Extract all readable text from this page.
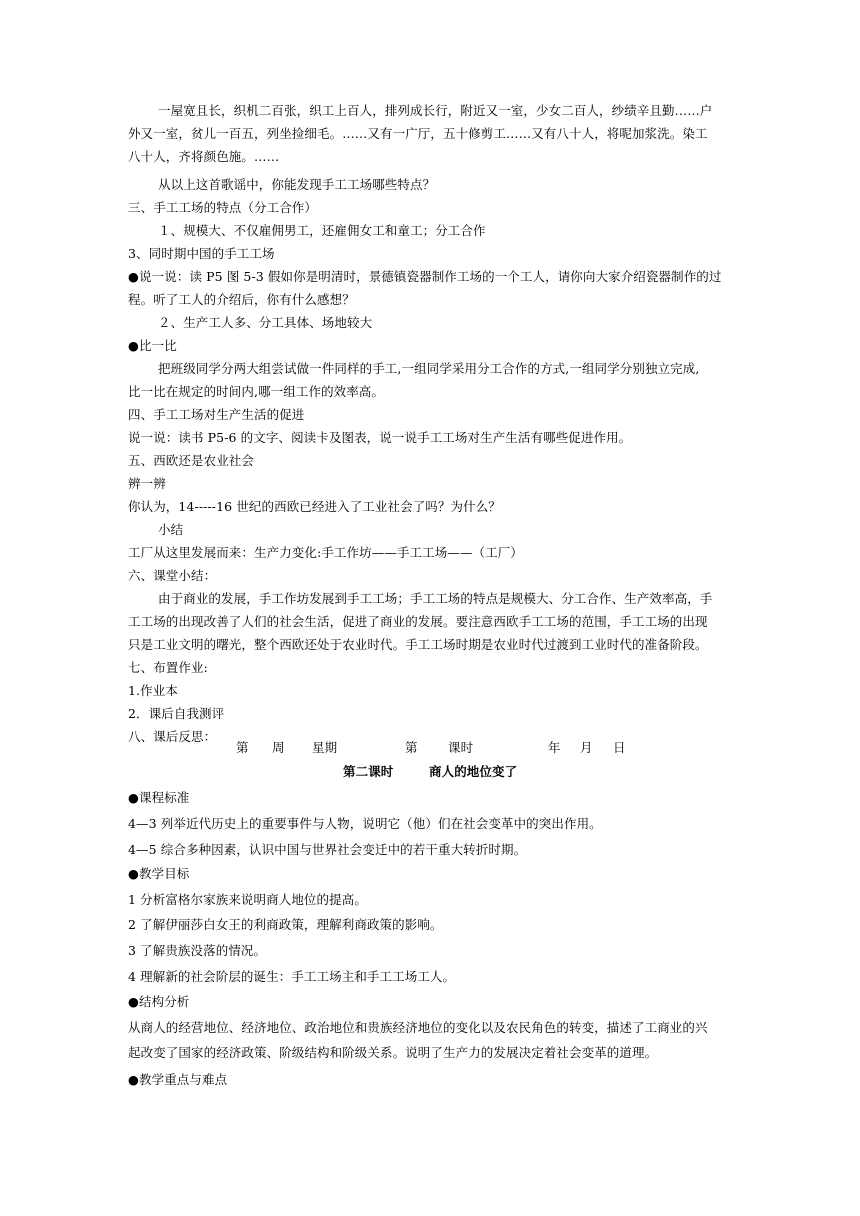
一屋宽且长，织机二百张，织工上百人，排列成长行，附近又一室，少女二百人，纱绩辛且勤……户
外又一室，贫儿一百五，列坐捡细毛。……又有一广厅，五十修剪工……又有八十人，将呢加浆洗。染工
八十人，齐将颜色施。……
从以上这首歌谣中，你能发现手工工场哪些特点？
三、手工工场的特点（分工合作）
１、规模大、不仅雇佣男工，还雇佣女工和童工；分工合作
3、同时期中国的手工工场
●说一说：读 P5 图 5-3 假如你是明清时，景德镇瓷器制作工场的一个工人，请你向大家介绍瓷器制作的过
程。听了工人的介绍后，你有什么感想？
２、生产工人多、分工具体、场地较大
●比一比
把班级同学分两大组尝试做一件同样的手工,一组同学采用分工合作的方式,一组同学分别独立完成,
比一比在规定的时间内,哪一组工作的效率高。
四、手工工场对生产生活的促进
说一说：读书 P5-6 的文字、阅读卡及图表，说一说手工工场对生产生活有哪些促进作用。
五、西欧还是农业社会
辨一辨
你认为，14-----16 世纪的西欧已经进入了工业社会了吗？为什么？
小结
工厂从这里发展而来：生产力变化:手工作坊——手工工场——（工厂）
六、课堂小结：
由于商业的发展，手工作坊发展到手工工场；手工工场的特点是规模大、分工合作、生产效率高，手
工工场的出现改善了人们的社会生活，促进了商业的发展。要注意西欧手工工场的范围，手工工场的出现
只是工业文明的曙光，整个西欧还处于农业时代。手工工场时期是农业时代过渡到工业时代的准备阶段。
七、布置作业:
1.作业本
2．课后自我测评
八、课后反思：
第 周 星期	第 课时	年 月 日
第二课时	商人的地位变了
●课程标准
4—3 列举近代历史上的重要事件与人物，说明它（他）们在社会变革中的突出作用。
4—5 综合多种因素，认识中国与世界社会变迁中的若干重大转折时期。
●教学目标
1 分析富格尔家族来说明商人地位的提高。
2 了解伊丽莎白女王的利商政策，理解利商政策的影响。
3 了解贵族没落的情况。
4 理解新的社会阶层的诞生：手工工场主和手工工场工人。
●结构分析
从商人的经营地位、经济地位、政治地位和贵族经济地位的变化以及农民角色的转变，描述了工商业的兴
起改变了国家的经济政策、阶级结构和阶级关系。说明了生产力的发展决定着社会变革的道理。
●教学重点与难点
